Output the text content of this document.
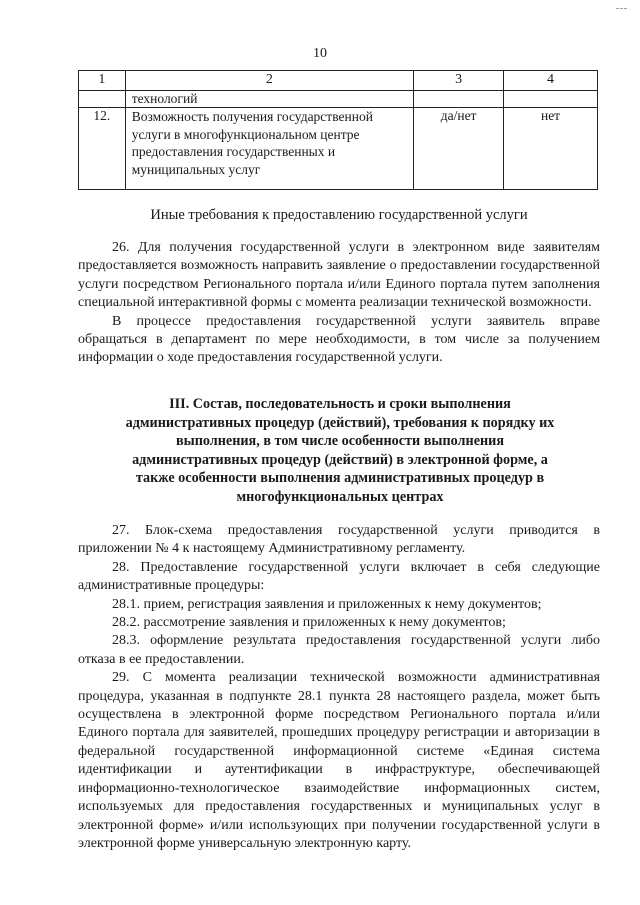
ˉˉˉ
10
1	2	3	4
	технологий		
12.	Возможность получения государственной услуги в многофункциональном центре предоставления государственных и муниципальных услуг	да/нет	нет
Иные требования к предоставлению государственной услуги

26. Для получения государственной услуги в электронном виде заявителям предоставляется возможность направить заявление о предоставлении государственной услуги посредством Регионального портала и/или Единого портала путем заполнения специальной интерактивной формы с момента реализации технической возможности.

В процессе предоставления государственной услуги заявитель вправе обращаться в департамент по мере необходимости, в том числе за получением информации о ходе предоставления государственной услуги.

III. Состав, последовательность и сроки выполнения административных процедур (действий), требования к порядку их выполнения, в том числе особенности выполнения административных процедур (действий) в электронной форме, а также особенности выполнения административных процедур в многофункциональных центрах

27. Блок-схема предоставления государственной услуги приводится в приложении № 4 к настоящему Административному регламенту.

28. Предоставление государственной услуги включает в себя следующие административные процедуры:

28.1. прием, регистрация заявления и приложенных к нему документов;

28.2. рассмотрение заявления и приложенных к нему документов;

28.3. оформление результата предоставления государственной услуги либо отказа в ее предоставлении.

29. С момента реализации технической возможности административная процедура, указанная в подпункте 28.1 пункта 28 настоящего раздела, может быть осуществлена в электронной форме посредством Регионального портала и/или Единого портала для заявителей, прошедших процедуру регистрации и авторизации в федеральной государственной информационной системе «Единая система идентификации и аутентификации в инфраструктуре, обеспечивающей информационно-технологическое взаимодействие информационных систем, используемых для предоставления государственных и муниципальных услуг в электронной форме» и/или использующих при получении государственной услуги в электронной форме универсальную электронную карту.
